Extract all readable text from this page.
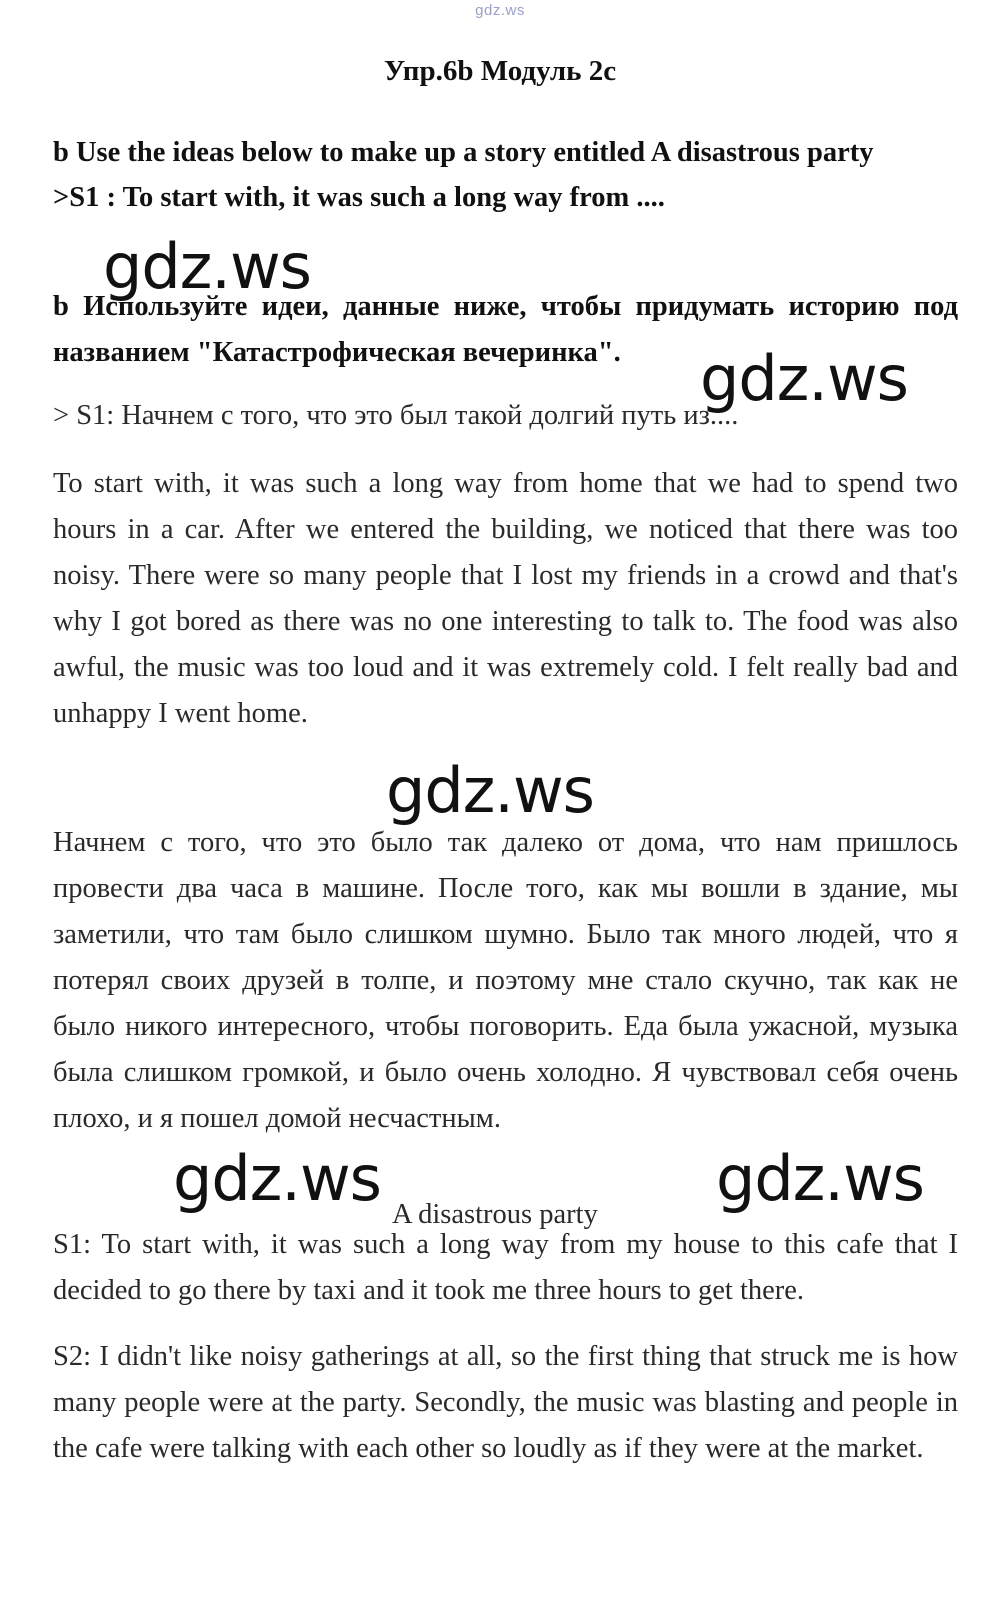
gdz.ws
Упр.6b Модуль 2с

b Use the ideas below to make up a story entitled A disastrous party

>S1 : To start with, it was such a long way from ....

gdz.ws

b Используйте идеи, данные ниже, чтобы придумать историю под названием "Катастрофическая вечеринка".	gdz.ws

> S1: Начнем с того, что это был такой долгий путь из....

To start with, it was such a long way from home that we had to spend two hours in a car. After we entered the building, we noticed that there was too noisy. There were so many people that I lost my friends in a crowd and that's why I got bored as there was no one interesting to talk to. The food was also awful, the music was too loud and it was extremely cold. I felt really bad and unhappy I went home.

gdz.ws

Начнем с того, что это было так далеко от дома, что нам пришлось провести два часа в машине. После того, как мы вошли в здание, мы заметили, что там было слишком шумно. Было так много людей, что я потерял своих друзей в толпе, и поэтому мне стало скучно, так как не было никого интересного, чтобы поговорить. Еда была ужасной, музыка была слишком громкой, и было очень холодно. Я чувствовал себя очень плохо, и я пошел домой несчастным.

gdz.ws A disastrous party gdz.ws

S1: To start with, it was such a long way from my house to this cafe that I decided to go there by taxi and it took me three hours to get there.

S2: I didn't like noisy gatherings at all, so the first thing that struck me is how many people were at the party. Secondly, the music was blasting and people in the cafe were talking with each other so loudly as if they were at the market.
